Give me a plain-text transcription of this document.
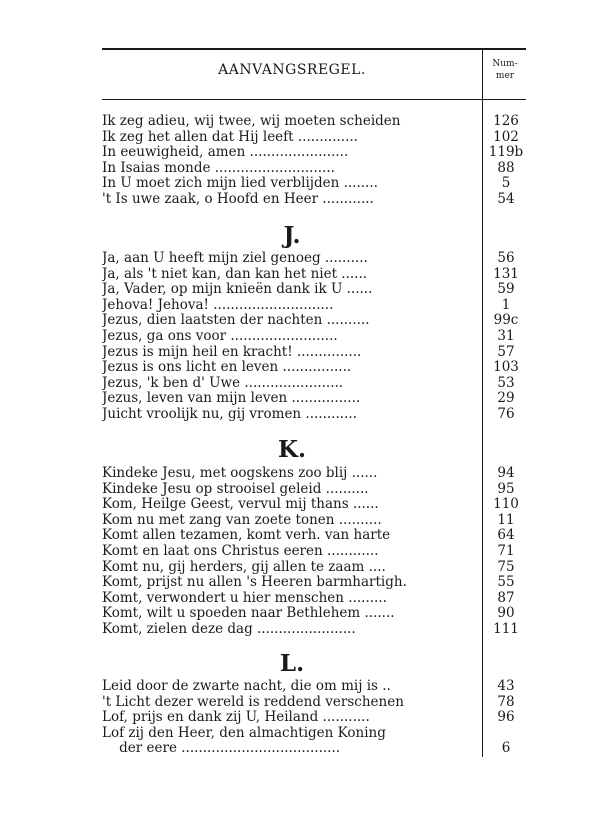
AANVANGSREGEL.	Num-
mer
Ik zeg adieu, wij twee, wij moeten scheiden	126
Ik zeg het allen dat Hij leeft ..............	102
In eeuwigheid, amen .......................	119b
In Isaias monde ............................	88
In U moet zich mijn lied verblijden ........	5
't Is uwe zaak, o Hoofd en Heer ............	54
J.
Ja, aan U heeft mijn ziel genoeg ..........	56
Ja, als 't niet kan, dan kan het niet ......	131
Ja, Vader, op mijn knieën dank ik U ......	59
Jehova! Jehova! ............................	1
Jezus, dien laatsten der nachten ..........	99c
Jezus, ga ons voor .........................	31
Jezus is mijn heil en kracht! ...............	57
Jezus is ons licht en leven ................	103
Jezus, 'k ben d' Uwe .......................	53
Jezus, leven van mijn leven ................	29
Juicht vroolijk nu, gij vromen ............	76
K.
Kindeke Jesu, met oogskens zoo blij ......	94
Kindeke Jesu op strooisel geleid ..........	95
Kom, Heilge Geest, vervul mij thans ......	110
Kom nu met zang van zoete tonen ..........	11
Komt allen tezamen, komt verh. van harte	64
Komt en laat ons Christus eeren ............	71
Komt nu, gij herders, gij allen te zaam ....	75
Komt, prijst nu allen 's Heeren barmhartigh.	55
Komt, verwondert u hier menschen .........	87
Komt, wilt u spoeden naar Bethlehem .......	90
Komt, zielen deze dag .......................	111
L.
Leid door de zwarte nacht, die om mij is ..	43
't Licht dezer wereld is reddend verschenen	78
Lof, prijs en dank zij U, Heiland ...........	96
Lof zij den Heer, den almachtigen Koning
der eere .....................................	6
